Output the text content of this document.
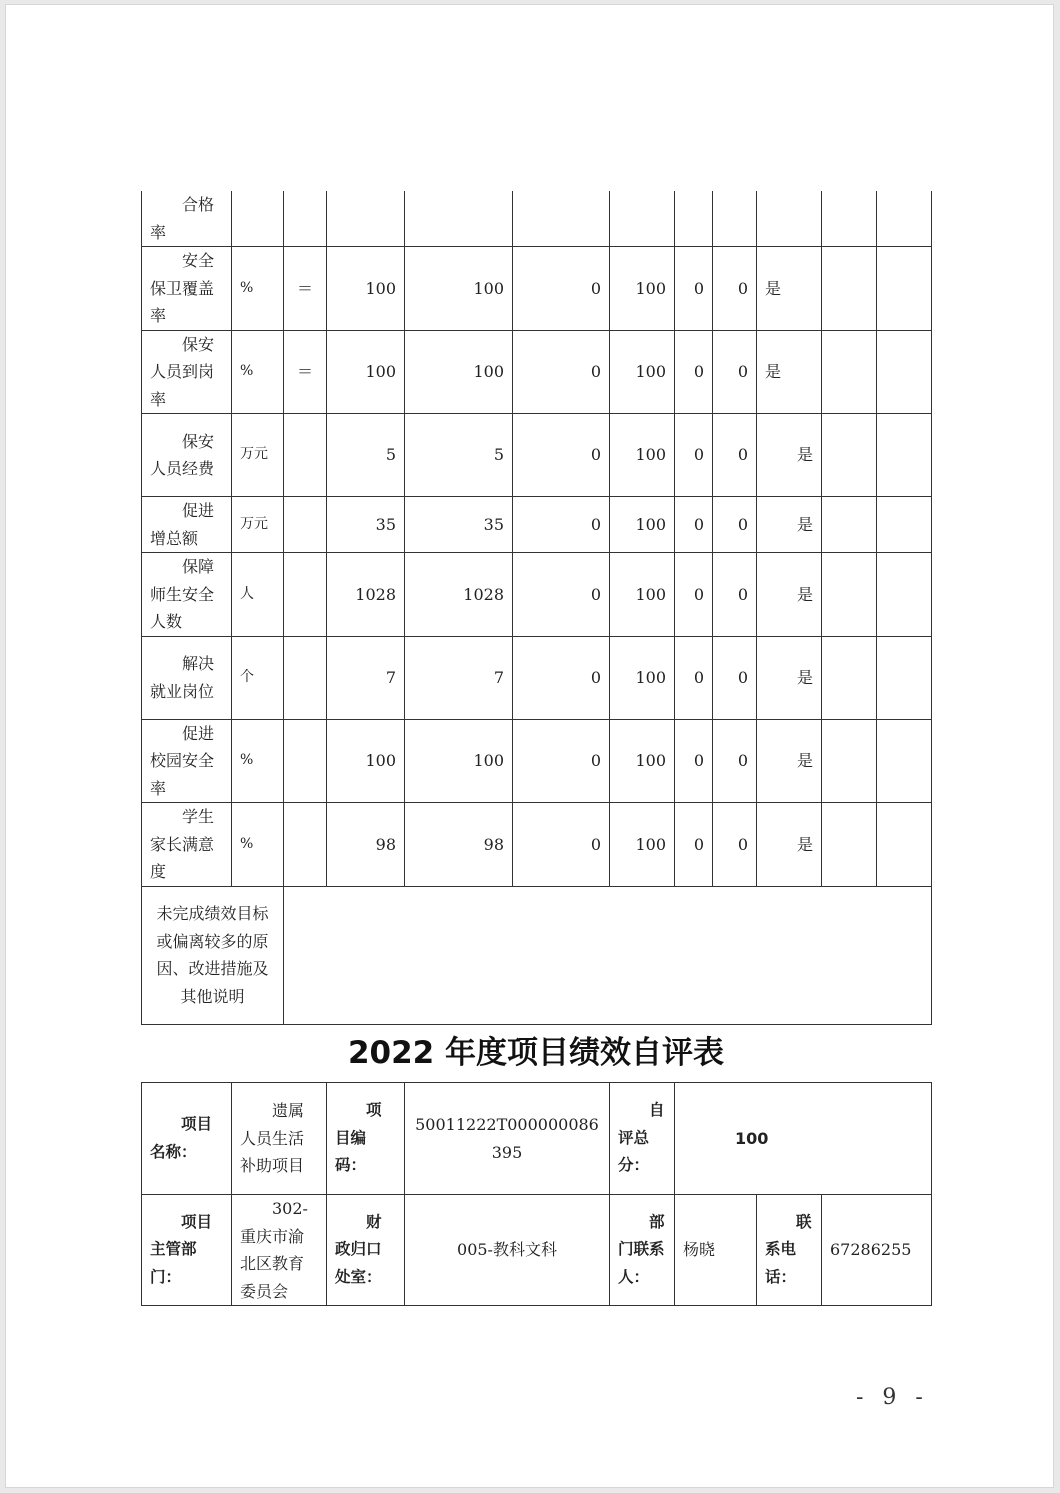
合格率											
安全保卫覆盖率	%	＝	100	100	0	100	0	0	是		
保安人员到岗率	%	＝	100	100	0	100	0	0	是		
保安人员经费	万元		5	5	0	100	0	0	是		
促进增总额	万元		35	35	0	100	0	0	是		
保障师生安全人数	人		1028	1028	0	100	0	0	是		
解决就业岗位	个		7	7	0	100	0	0	是		
促进校园安全率	%		100	100	0	100	0	0	是		
学生家长满意度	%		98	98	0	100	0	0	是		
未完成绩效目标或偏离较多的原因、改进措施及其他说明											
2022 年度项目绩效自评表
项目名称：	遗属人员生活补助项目	项目编码：	50011222T000000086395	自评总分：	100		
项目主管部门：	302-重庆市渝北区教育委员会	财政归口处室：	005-教科文科	部门联系人：	杨晓	联系电话：	67286255
- 9 -
